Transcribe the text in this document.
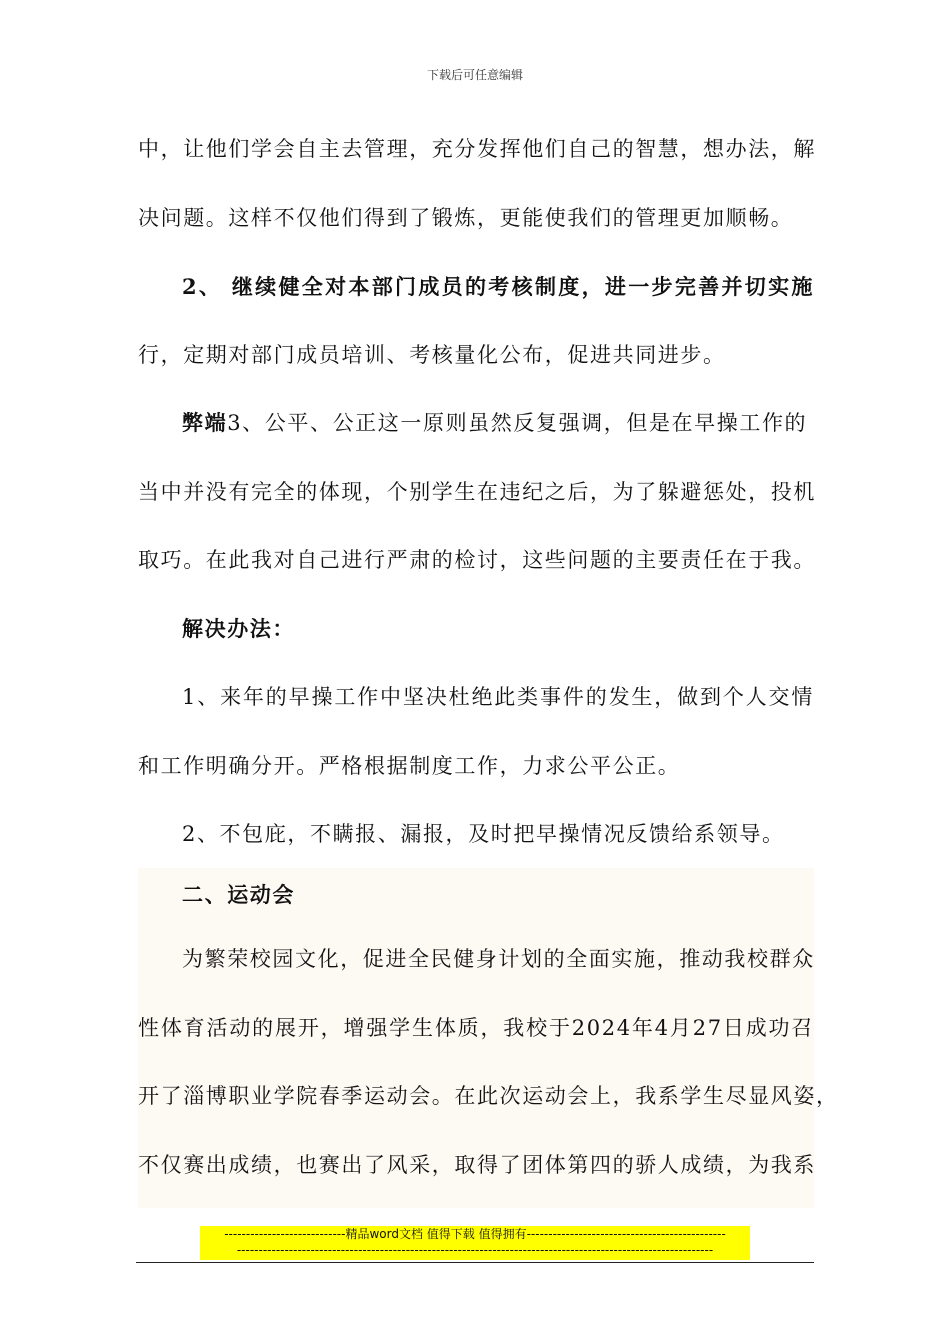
下载后可任意编辑
中，让他们学会自主去管理，充分发挥他们自己的智慧，想办法，解
决问题。这样不仅他们得到了锻炼，更能使我们的管理更加顺畅。
2、 继续健全对本部门成员的考核制度，进一步完善并切实施
行，定期对部门成员培训、考核量化公布，促进共同进步。
弊端3、公平、公正这一原则虽然反复强调，但是在早操工作的
当中并没有完全的体现，个别学生在违纪之后，为了躲避惩处，投机
取巧。在此我对自己进行严肃的检讨，这些问题的主要责任在于我。
解决办法：
1、来年的早操工作中坚决杜绝此类事件的发生，做到个人交情
和工作明确分开。严格根据制度工作，力求公平公正。
2、不包庇，不瞒报、漏报，及时把早操情况反馈给系领导。
二、运动会
为繁荣校园文化，促进全民健身计划的全面实施，推动我校群众
性体育活动的展开，增强学生体质，我校于2024年4月27日成功召
开了淄博职业学院春季运动会。在此次运动会上，我系学生尽显风姿，
不仅赛出成绩，也赛出了风采，取得了团体第四的骄人成绩，为我系
----------------------------精品word文档 值得下载 值得拥有----------------------------------------------
--------------------------------------------------------------------------------------------------------------
